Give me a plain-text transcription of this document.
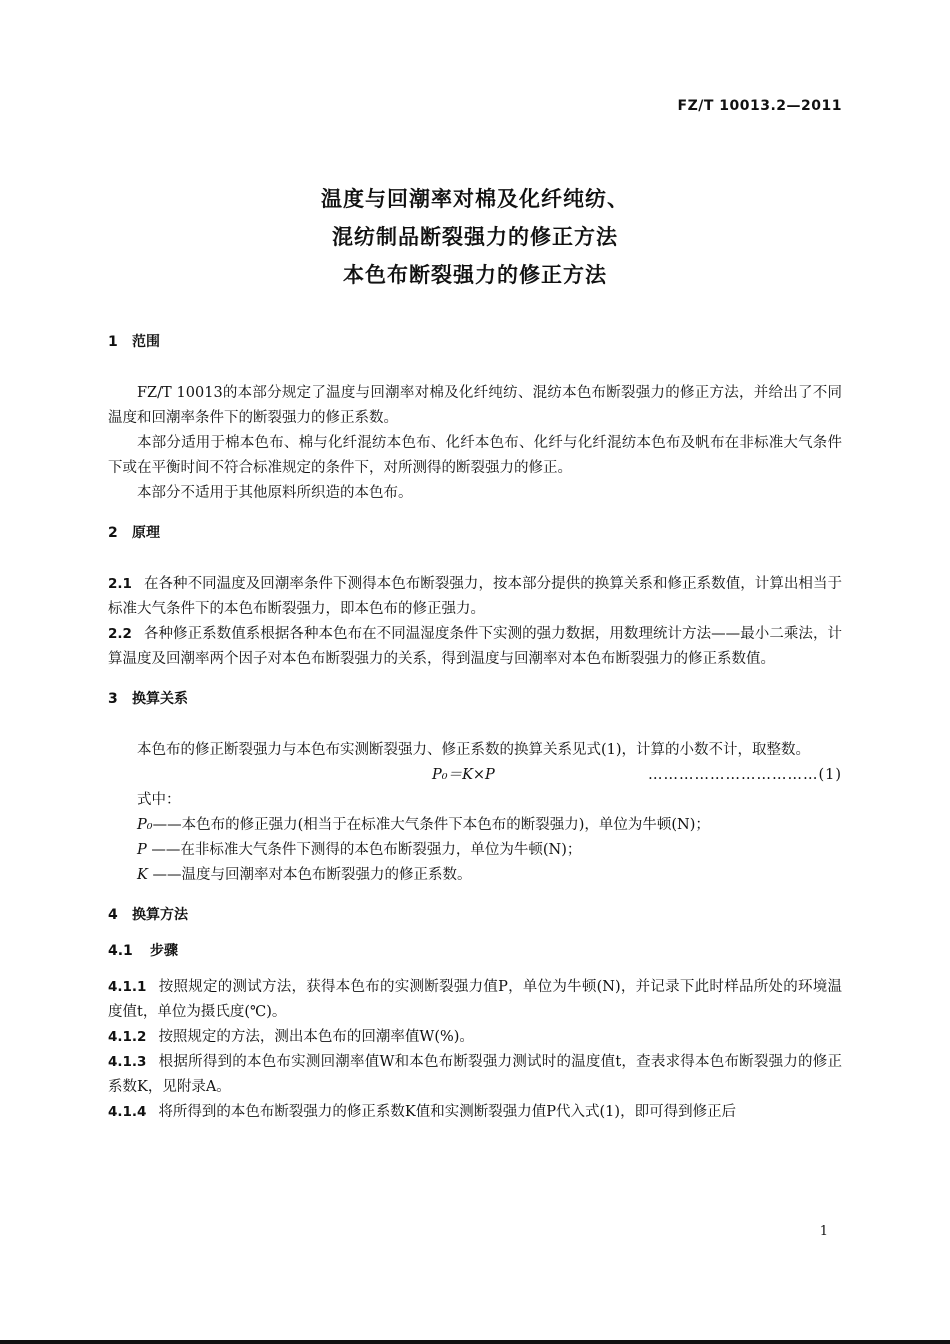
FZ/T 10013.2—2011
温度与回潮率对棉及化纤纯纺、
混纺制品断裂强力的修正方法
本色布断裂强力的修正方法
1 范围

FZ/T 10013的本部分规定了温度与回潮率对棉及化纤纯纺、混纺本色布断裂强力的修正方法，并给出了不同温度和回潮率条件下的断裂强力的修正系数。

本部分适用于棉本色布、棉与化纤混纺本色布、化纤本色布、化纤与化纤混纺本色布及帆布在非标准大气条件下或在平衡时间不符合标准规定的条件下，对所测得的断裂强力的修正。

本部分不适用于其他原料所织造的本色布。

2 原理

2.1 在各种不同温度及回潮率条件下测得本色布断裂强力，按本部分提供的换算关系和修正系数值，计算出相当于标准大气条件下的本色布断裂强力，即本色布的修正强力。

2.2 各种修正系数值系根据各种本色布在不同温湿度条件下实测的强力数据，用数理统计方法——最小二乘法，计算温度及回潮率两个因子对本色布断裂强力的关系，得到温度与回潮率对本色布断裂强力的修正系数值。

3 换算关系

本色布的修正断裂强力与本色布实测断裂强力、修正系数的换算关系见式(1)，计算的小数不计，取整数。

P₀＝K×P	……………………………(1)
式中：
P₀——本色布的修正强力(相当于在标准大气条件下本色布的断裂强力)，单位为牛顿(N)；
P ——在非标准大气条件下测得的本色布断裂强力，单位为牛顿(N)；
K ——温度与回潮率对本色布断裂强力的修正系数。
4 换算方法
4.1 步骤

4.1.1 按照规定的测试方法，获得本色布的实测断裂强力值P，单位为牛顿(N)，并记录下此时样品所处的环境温度值t，单位为摄氏度(℃)。

4.1.2 按照规定的方法，测出本色布的回潮率值W(%)。

4.1.3 根据所得到的本色布实测回潮率值W和本色布断裂强力测试时的温度值t，查表求得本色布断裂强力的修正系数K，见附录A。

4.1.4 将所得到的本色布断裂强力的修正系数K值和实测断裂强力值P代入式(1)，即可得到修正后

1
